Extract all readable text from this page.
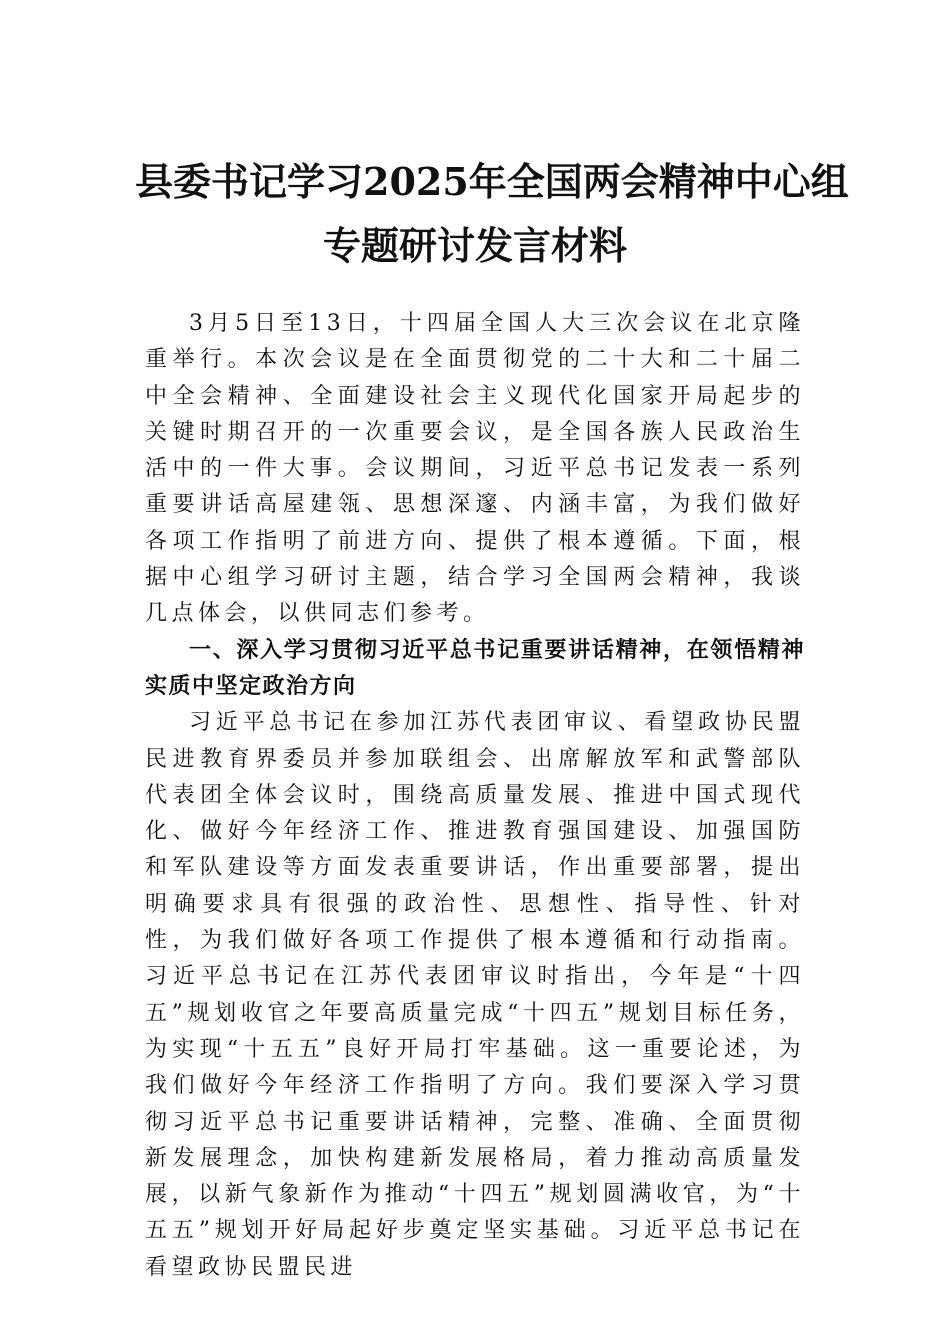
县委书记学习2025年全国两会精神中心组
专题研讨发言材料

3月5日至13日，十四届全国人大三次会议在北京隆重举行。本次会议是在全面贯彻党的二十大和二十届二中全会精神、全面建设社会主义现代化国家开局起步的关键时期召开的一次重要会议，是全国各族人民政治生活中的一件大事。会议期间，习近平总书记发表一系列重要讲话高屋建瓴、思想深邃、内涵丰富，为我们做好各项工作指明了前进方向、提供了根本遵循。下面，根据中心组学习研讨主题，结合学习全国两会精神，我谈几点体会，以供同志们参考。

一、深入学习贯彻习近平总书记重要讲话精神，在领悟精神实质中坚定政治方向

习近平总书记在参加江苏代表团审议、看望政协民盟民进教育界委员并参加联组会、出席解放军和武警部队代表团全体会议时，围绕高质量发展、推进中国式现代化、做好今年经济工作、推进教育强国建设、加强国防和军队建设等方面发表重要讲话，作出重要部署，提出明确要求具有很强的政治性、思想性、指导性、针对性，为我们做好各项工作提供了根本遵循和行动指南。习近平总书记在江苏代表团审议时指出，今年是“十四五”规划收官之年要高质量完成“十四五”规划目标任务，为实现“十五五”良好开局打牢基础。这一重要论述，为我们做好今年经济工作指明了方向。我们要深入学习贯彻习近平总书记重要讲话精神，完整、准确、全面贯彻新发展理念，加快构建新发展格局，着力推动高质量发展，以新气象新作为推动“十四五”规划圆满收官，为“十五五”规划开好局起好步奠定坚实基础。习近平总书记在看望政协民盟民进
